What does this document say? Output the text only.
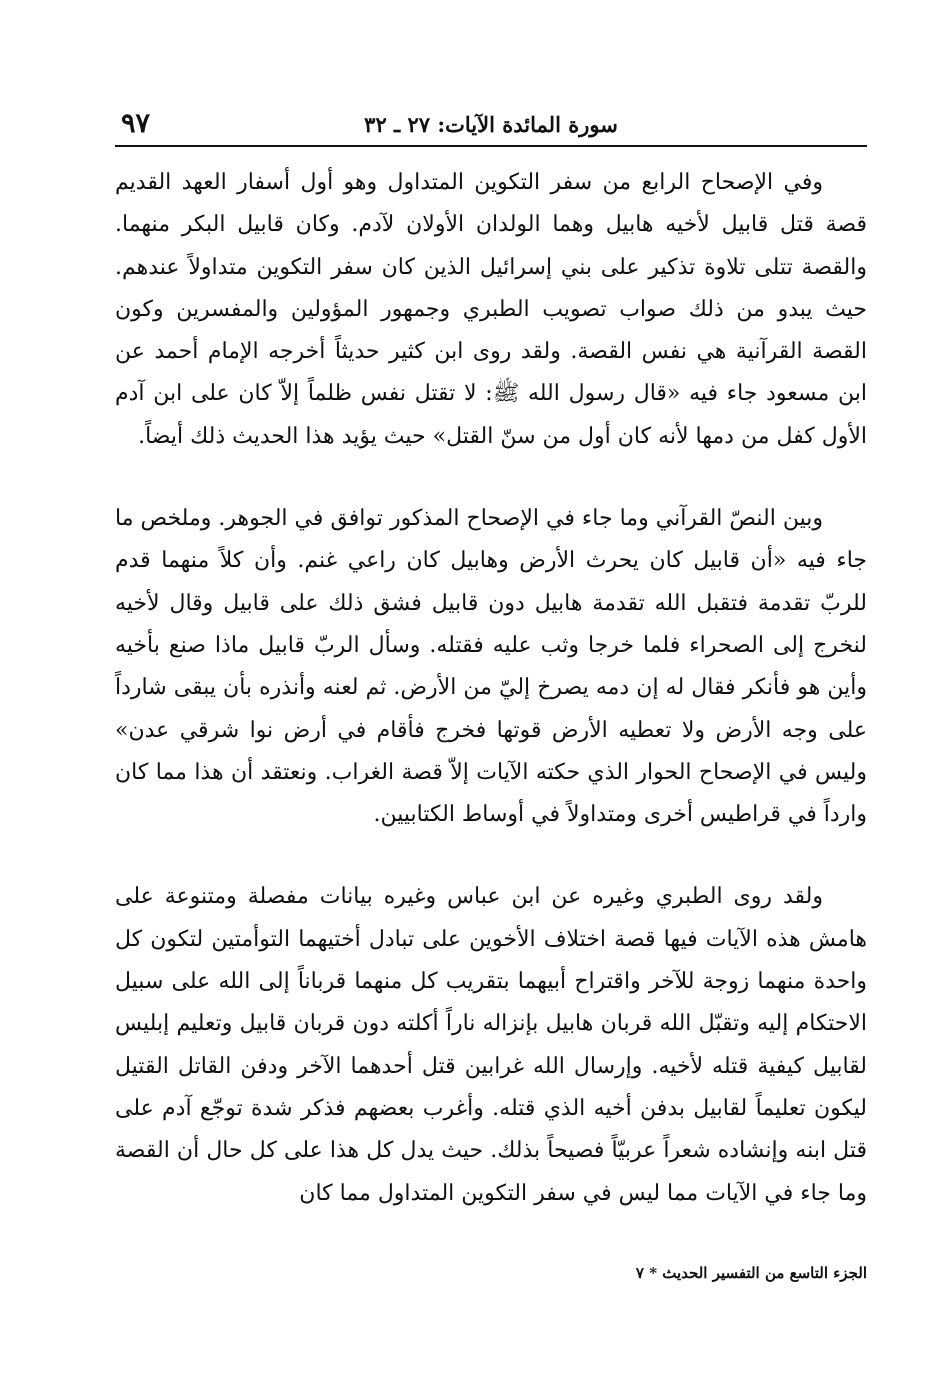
سورة المائدة الآيات: ٢٧ ـ ٣٢
٩٧

وفي الإصحاح الرابع من سفر التكوين المتداول وهو أول أسفار العهد القديم قصة قتل قابيل لأخيه هابيل وهما الولدان الأولان لآدم. وكان قابيل البكر منهما. والقصة تتلى تلاوة تذكير على بني إسرائيل الذين كان سفر التكوين متداولاً عندهم. حيث يبدو من ذلك صواب تصويب الطبري وجمهور المؤولين والمفسرين وكون القصة القرآنية هي نفس القصة. ولقد روى ابن كثير حديثاً أخرجه الإمام أحمد عن ابن مسعود جاء فيه «قال رسول الله ﷺ: لا تقتل نفس ظلماً إلاّ كان على ابن آدم الأول كفل من دمها لأنه كان أول من سنّ القتل» حيث يؤيد هذا الحديث ذلك أيضاً.

وبين النصّ القرآني وما جاء في الإصحاح المذكور توافق في الجوهر. وملخص ما جاء فيه «أن قابيل كان يحرث الأرض وهابيل كان راعي غنم. وأن كلاً منهما قدم للربّ تقدمة فتقبل الله تقدمة هابيل دون قابيل فشق ذلك على قابيل وقال لأخيه لنخرج إلى الصحراء فلما خرجا وثب عليه فقتله. وسأل الربّ قابيل ماذا صنع بأخيه وأين هو فأنكر فقال له إن دمه يصرخ إليّ من الأرض. ثم لعنه وأنذره بأن يبقى شارداً على وجه الأرض ولا تعطيه الأرض قوتها فخرج فأقام في أرض نوا شرقي عدن» وليس في الإصحاح الحوار الذي حكته الآيات إلاّ قصة الغراب. ونعتقد أن هذا مما كان وارداً في قراطيس أخرى ومتداولاً في أوساط الكتابيين.

ولقد روى الطبري وغيره عن ابن عباس وغيره بيانات مفصلة ومتنوعة على هامش هذه الآيات فيها قصة اختلاف الأخوين على تبادل أختيهما التوأمتين لتكون كل واحدة منهما زوجة للآخر واقتراح أبيهما بتقريب كل منهما قرباناً إلى الله على سبيل الاحتكام إليه وتقبّل الله قربان هابيل بإنزاله ناراً أكلته دون قربان قابيل وتعليم إبليس لقابيل كيفية قتله لأخيه. وإرسال الله غرابين قتل أحدهما الآخر ودفن القاتل القتيل ليكون تعليماً لقابيل بدفن أخيه الذي قتله. وأغرب بعضهم فذكر شدة توجّع آدم على قتل ابنه وإنشاده شعراً عربيّاً فصيحاً بذلك. حيث يدل كل هذا على كل حال أن القصة وما جاء في الآيات مما ليس في سفر التكوين المتداول مما كان

الجزء التاسع من التفسير الحديث * ٧
